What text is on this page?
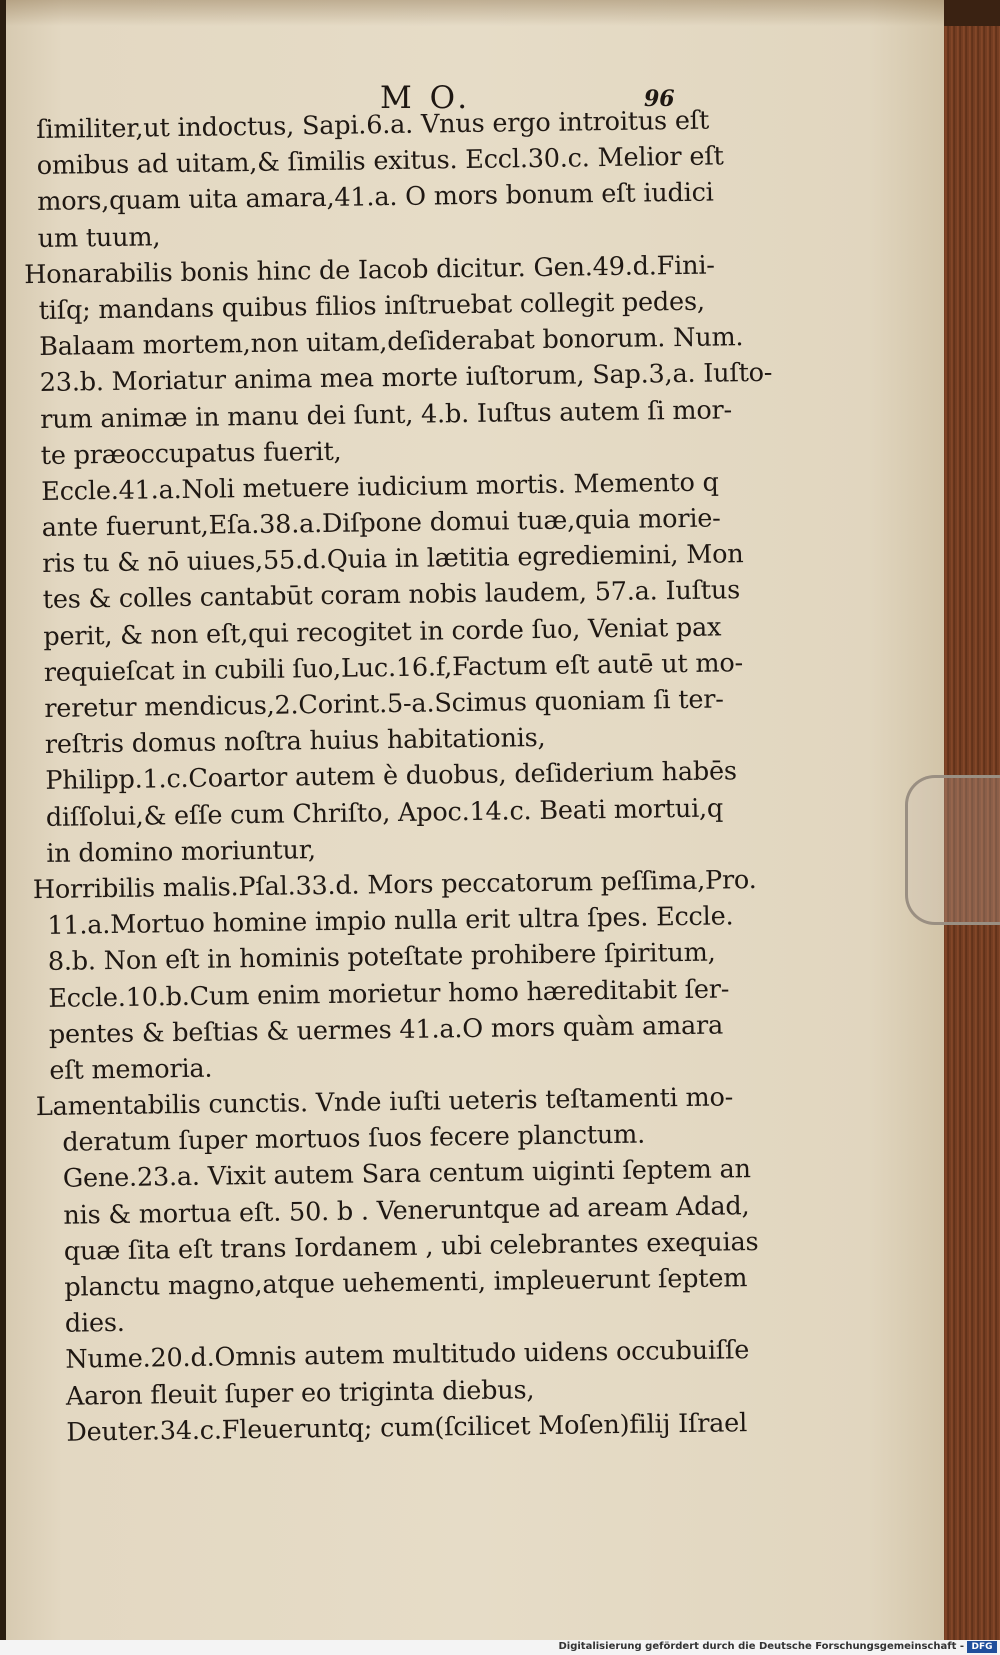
M O.	96
ſimiliter,ut indoctus, Sapi.6.a. Vnus ergo introitus eſt
omibus ad uitam,& ſimilis exitus. Eccl.30.c. Melior eſt
mors,quam uita amara,41.a. O mors bonum eſt iudici
um tuum,
Honarabilis bonis hinc de Iacob dicitur. Gen.49.d.Fini-
tiſq; mandans quibus filios inſtruebat collegit pedes,
Balaam mortem,non uitam,deſiderabat bonorum. Num.
23.b. Moriatur anima mea morte iuſtorum, Sap.3,a. Iuſto-
rum animæ in manu dei ſunt, 4.b. Iuſtus autem ſi mor-
te præoccupatus fuerit,
Eccle.41.a.Noli metuere iudicium mortis. Memento q
ante fuerunt,Eſa.38.a.Diſpone domui tuæ,quia morie-
ris tu & nō uiues,55.d.Quia in lætitia egrediemini, Mon
tes & colles cantabūt coram nobis laudem, 57.a. Iuſtus
perit, & non eſt,qui recogitet in corde ſuo, Veniat pax
requieſcat in cubili ſuo,Luc.16.f,Factum eſt autē ut mo-
reretur mendicus,2.Corint.5-a.Scimus quoniam ſi ter-
reſtris domus noſtra huius habitationis,
Philipp.1.c.Coartor autem è duobus, deſiderium habēs
diſſolui,& eſſe cum Chriſto, Apoc.14.c. Beati mortui,q
in domino moriuntur,
Horribilis malis.Pſal.33.d. Mors peccatorum peſſima,Pro.
11.a.Mortuo homine impio nulla erit ultra ſpes. Eccle.
8.b. Non eſt in hominis poteſtate prohibere ſpiritum,
Eccle.10.b.Cum enim morietur homo hæreditabit ſer-
pentes & beſtias & uermes 41.a.O mors quàm amara
eſt memoria.
Lamentabilis cunctis. Vnde iuſti ueteris teſtamenti mo-
deratum ſuper mortuos ſuos fecere planctum.
Gene.23.a. Vixit autem Sara centum uiginti ſeptem an
nis & mortua eſt. 50. b . Veneruntque ad aream Adad,
quæ ſita eſt trans Iordanem , ubi celebrantes exequias
planctu magno,atque uehementi, impleuerunt ſeptem
dies.
Nume.20.d.Omnis autem multitudo uidens occubuiſſe
Aaron fleuit ſuper eo triginta diebus,
Deuter.34.c.Fleueruntq; cum(ſcilicet Moſen)filij Iſrael
Digitalisierung gefördert durch die Deutsche Forschungsgemeinschaft - DFG
